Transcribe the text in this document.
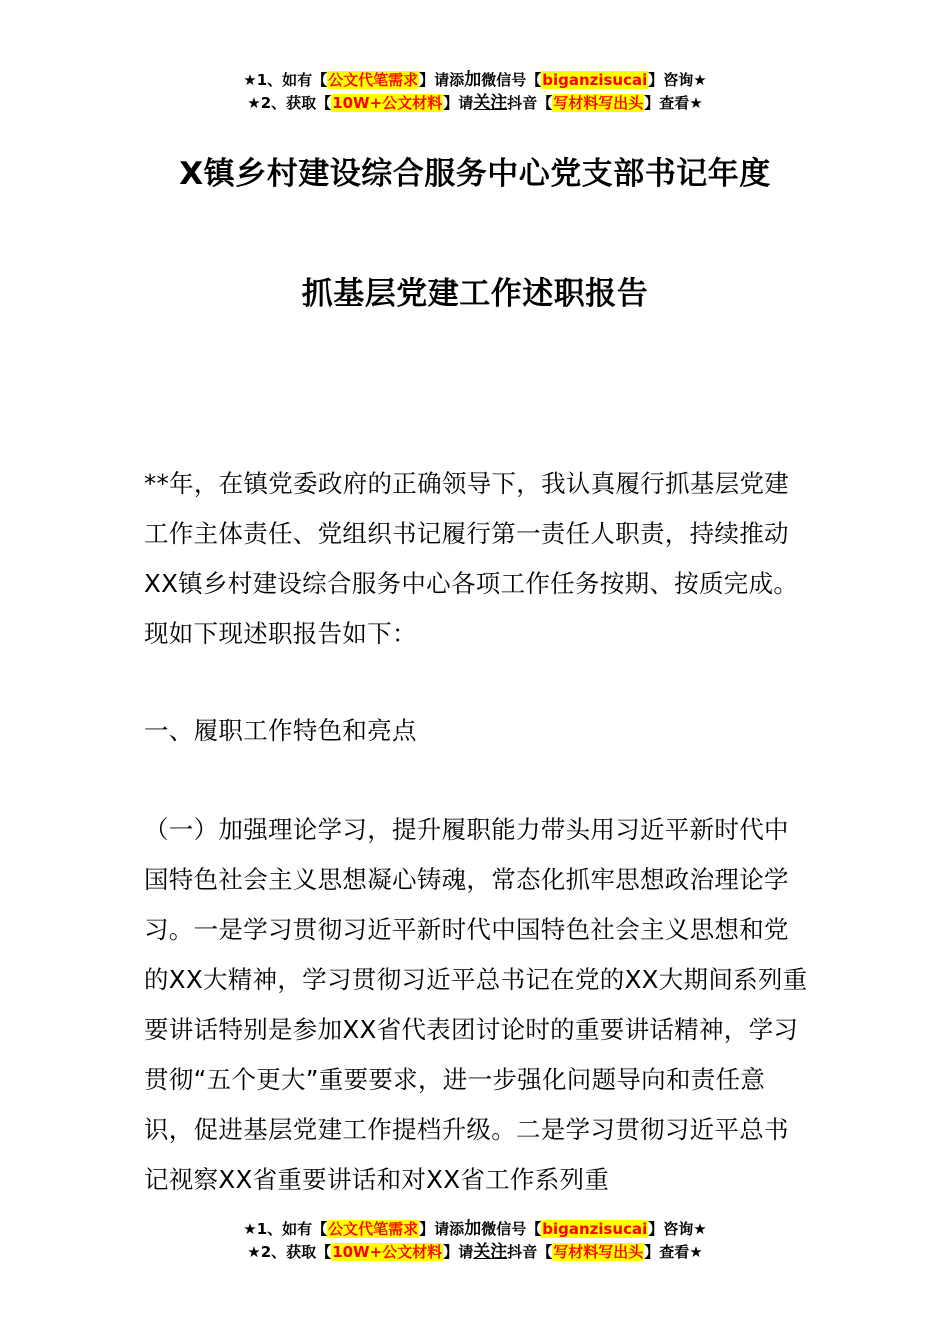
★1、如有【公文代笔需求】请添加微信号【biganzisucai】咨询★
★2、获取【10W+公文材料】请关注抖音【写材料写出头】查看★
X镇乡村建设综合服务中心党支部书记年度
抓基层党建工作述职报告
**年，在镇党委政府的正确领导下，我认真履行抓基层党建工作主体责任、党组织书记履行第一责任人职责，持续推动XX镇乡村建设综合服务中心各项工作任务按期、按质完成。现如下现述职报告如下：
一、履职工作特色和亮点
（一）加强理论学习，提升履职能力带头用习近平新时代中国特色社会主义思想凝心铸魂，常态化抓牢思想政治理论学习。一是学习贯彻习近平新时代中国特色社会主义思想和党的XX大精神，学习贯彻习近平总书记在党的XX大期间系列重要讲话特别是参加XX省代表团讨论时的重要讲话精神，学习贯彻“五个更大”重要要求，进一步强化问题导向和责任意识，促进基层党建工作提档升级。二是学习贯彻习近平总书记视察XX省重要讲话和对XX省工作系列重
★1、如有【公文代笔需求】请添加微信号【biganzisucai】咨询★
★2、获取【10W+公文材料】请关注抖音【写材料写出头】查看★
